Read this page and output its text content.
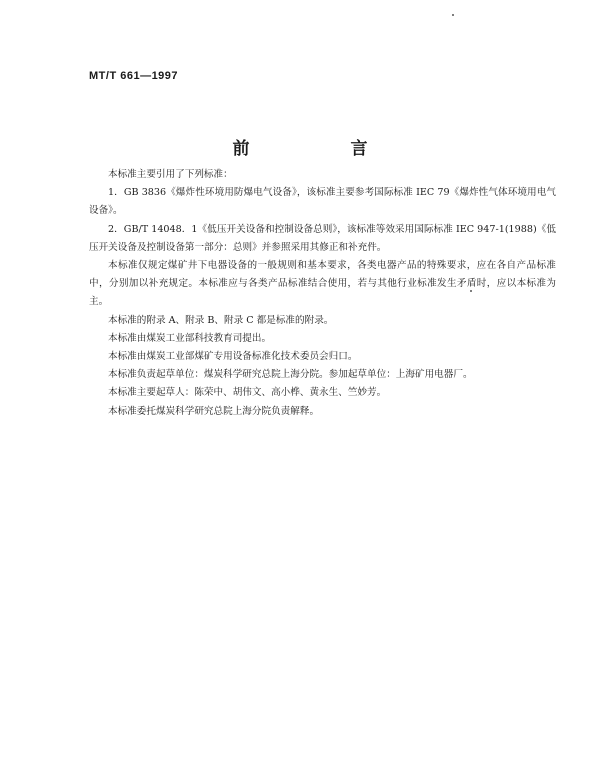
MT/T 661—1997
前　言

本标准主要引用了下列标准：

1．GB 3836《爆炸性环境用防爆电气设备》，该标准主要参考国际标准 IEC 79《爆炸性气体环境用电气设备》。

2．GB/T 14048．1《低压开关设备和控制设备总则》，该标准等效采用国际标准 IEC 947-1(1988)《低压开关设备及控制设备第一部分：总则》并参照采用其修正和补充件。

本标准仅规定煤矿井下电器设备的一般规则和基本要求，各类电器产品的特殊要求，应在各自产品标准中，分别加以补充规定。本标准应与各类产品标准结合使用，若与其他行业标准发生矛盾时，应以本标准为主。

本标准的附录 A、附录 B、附录 C 都是标准的附录。

本标准由煤炭工业部科技教育司提出。

本标准由煤炭工业部煤矿专用设备标准化技术委员会归口。

本标准负责起草单位：煤炭科学研究总院上海分院。参加起草单位：上海矿用电器厂。

本标准主要起草人：陈荣中、胡伟文、高小桦、黄永生、竺妙芳。

本标准委托煤炭科学研究总院上海分院负责解释。
